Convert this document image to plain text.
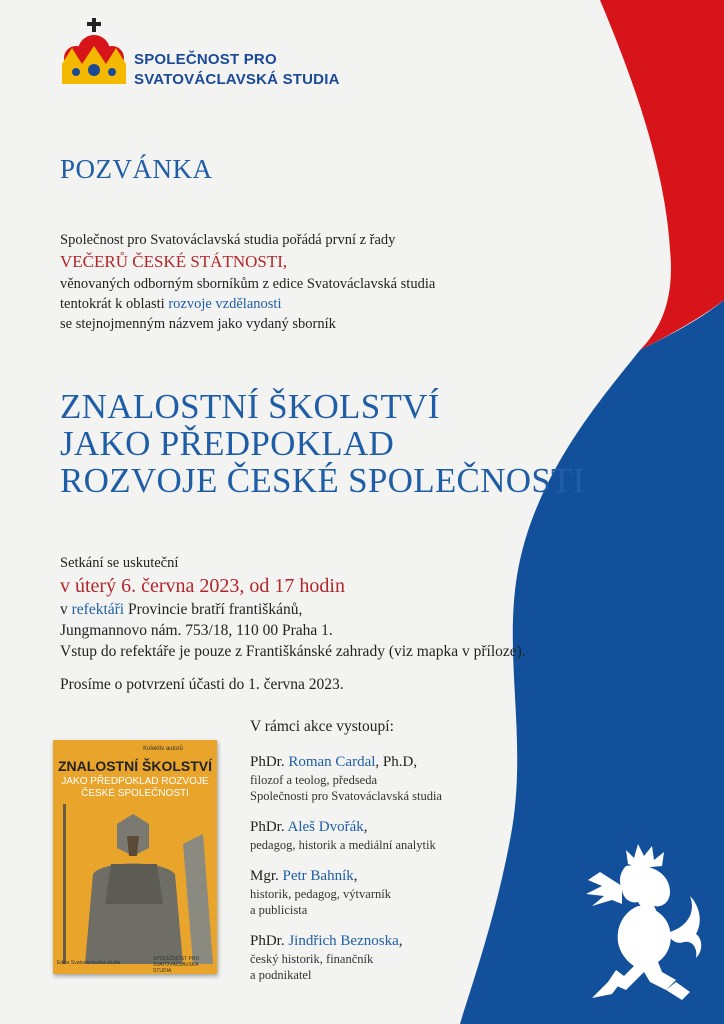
SPOLEČNOST PRO
SVATOVÁCLAVSKÁ STUDIA
POZVÁNKA
Společnost pro Svatováclavská studia pořádá první z řady
VEČERŮ ČESKÉ STÁTNOSTI,
věnovaných odborným sborníkům z edice Svatováclavská studia
tentokrát k oblasti rozvoje vzdělanosti
se stejnojmenným názvem jako vydaný sborník
ZNALOSTNÍ ŠKOLSTVÍ
JAKO PŘEDPOKLAD
ROZVOJE ČESKÉ SPOLEČNOSTI
Setkání se uskuteční
v úterý 6. června 2023, od 17 hodin
v refektáři Provincie bratří františkánů,
Jungmannovo nám. 753/18, 110 00 Praha 1.
Vstup do refektáře je pouze z Františkánské zahrady (viz mapka v příloze).
Prosíme o potvrzení účasti do 1. června 2023.
Kolektiv autorů
ZNALOSTNÍ ŠKOLSTVÍ
JAKO PŘEDPOKLAD ROZVOJE
ČESKÉ SPOLEČNOSTI
Edice Svatováclavská studia
SPOLEČNOST PRO
SVATOVÁCLAVSKÁ STUDIA
V rámci akce vystoupí:
PhDr. Roman Cardal, Ph.D,
filozof a teolog, předseda
Společnosti pro Svatováclavská studia
PhDr. Aleš Dvořák,
pedagog, historik a mediální analytik
Mgr. Petr Bahník,
historik, pedagog, výtvarník
a publicista
PhDr. Jindřich Beznoska,
český historik, finančník
a podnikatel
